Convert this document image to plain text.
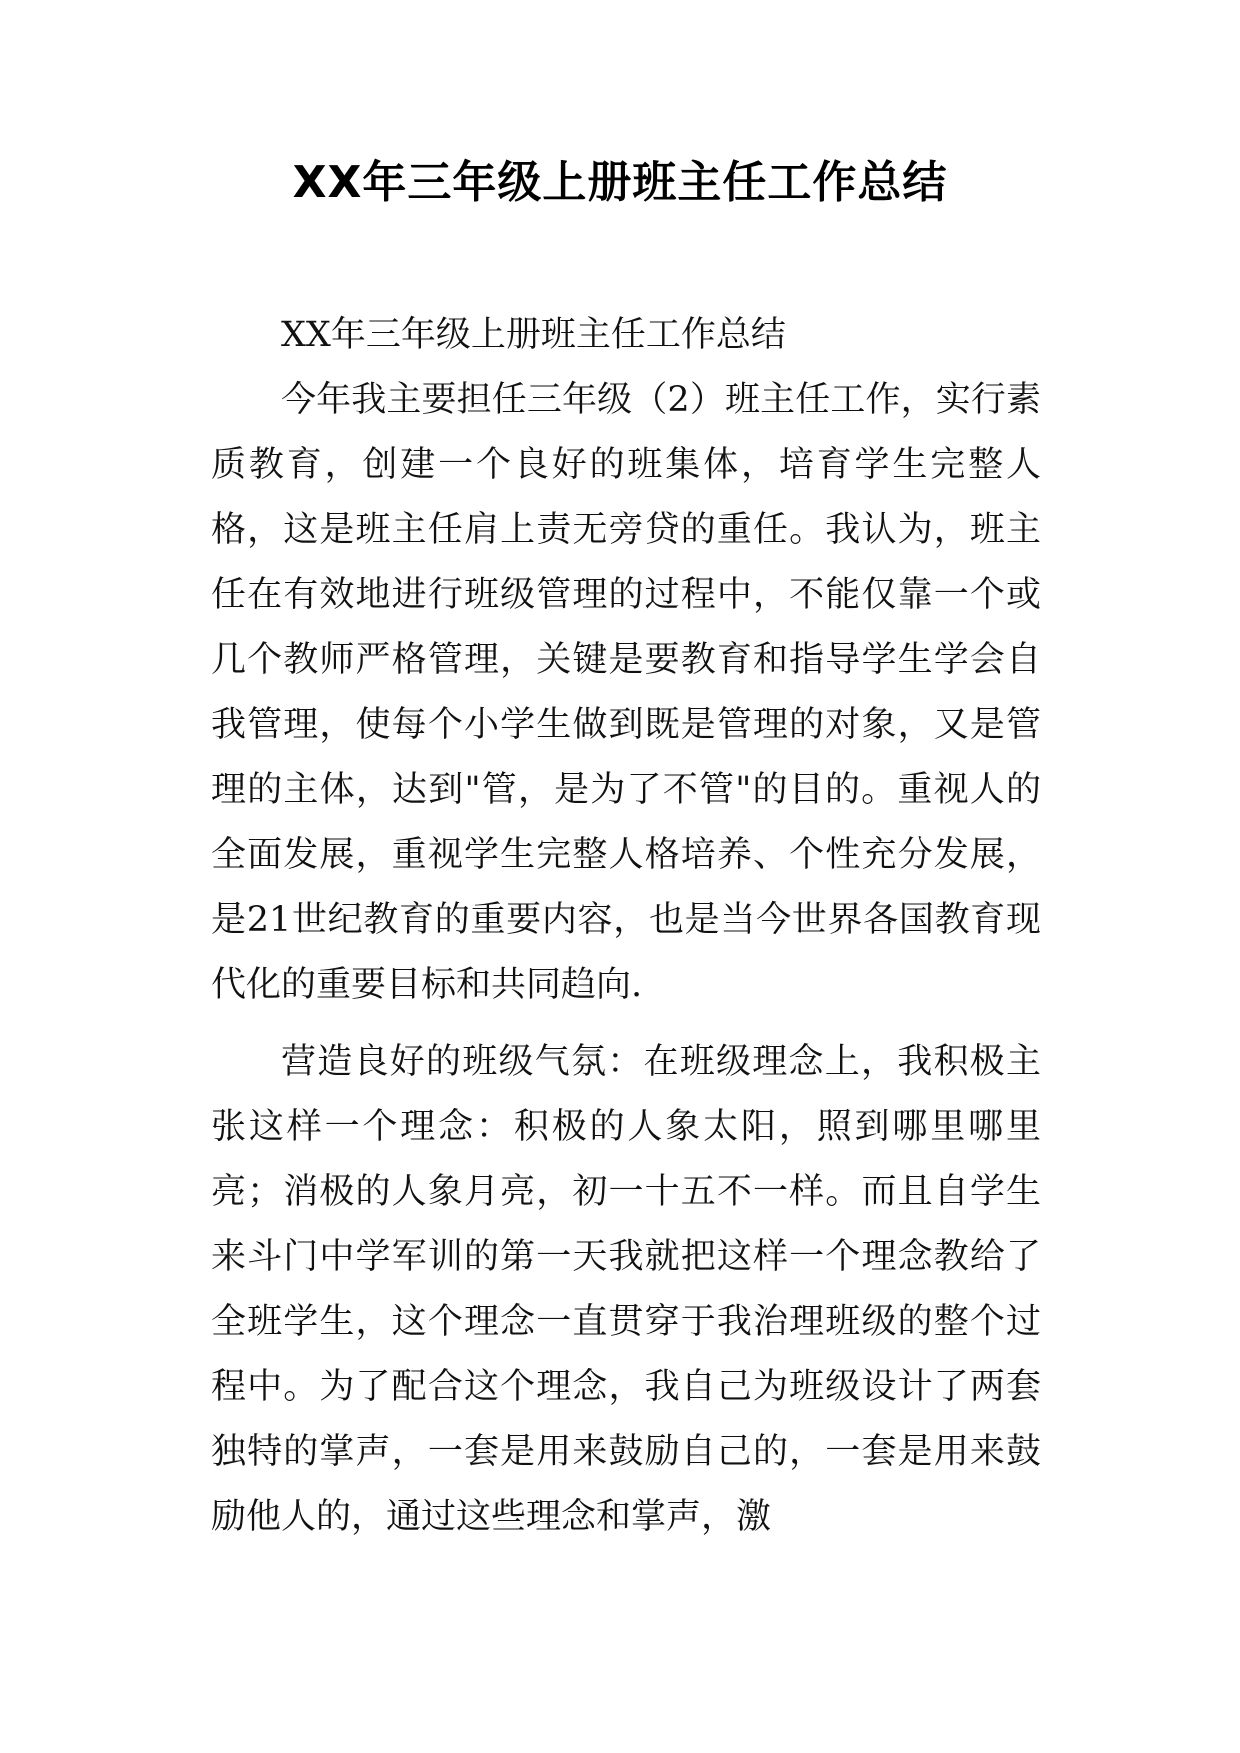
XX年三年级上册班主任工作总结

XX年三年级上册班主任工作总结

今年我主要担任三年级（2）班主任工作，实行素质教育，创建一个良好的班集体，培育学生完整人格，这是班主任肩上责无旁贷的重任。我认为，班主任在有效地进行班级管理的过程中，不能仅靠一个或几个教师严格管理，关键是要教育和指导学生学会自我管理，使每个小学生做到既是管理的对象，又是管理的主体，达到"管，是为了不管"的目的。重视人的全面发展，重视学生完整人格培养、个性充分发展，是21世纪教育的重要内容，也是当今世界各国教育现代化的重要目标和共同趋向.

营造良好的班级气氛：在班级理念上，我积极主张这样一个理念：积极的人象太阳，照到哪里哪里亮；消极的人象月亮，初一十五不一样。而且自学生来斗门中学军训的第一天我就把这样一个理念教给了全班学生，这个理念一直贯穿于我治理班级的整个过程中。为了配合这个理念，我自己为班级设计了两套独特的掌声，一套是用来鼓励自己的，一套是用来鼓励他人的，通过这些理念和掌声，激
